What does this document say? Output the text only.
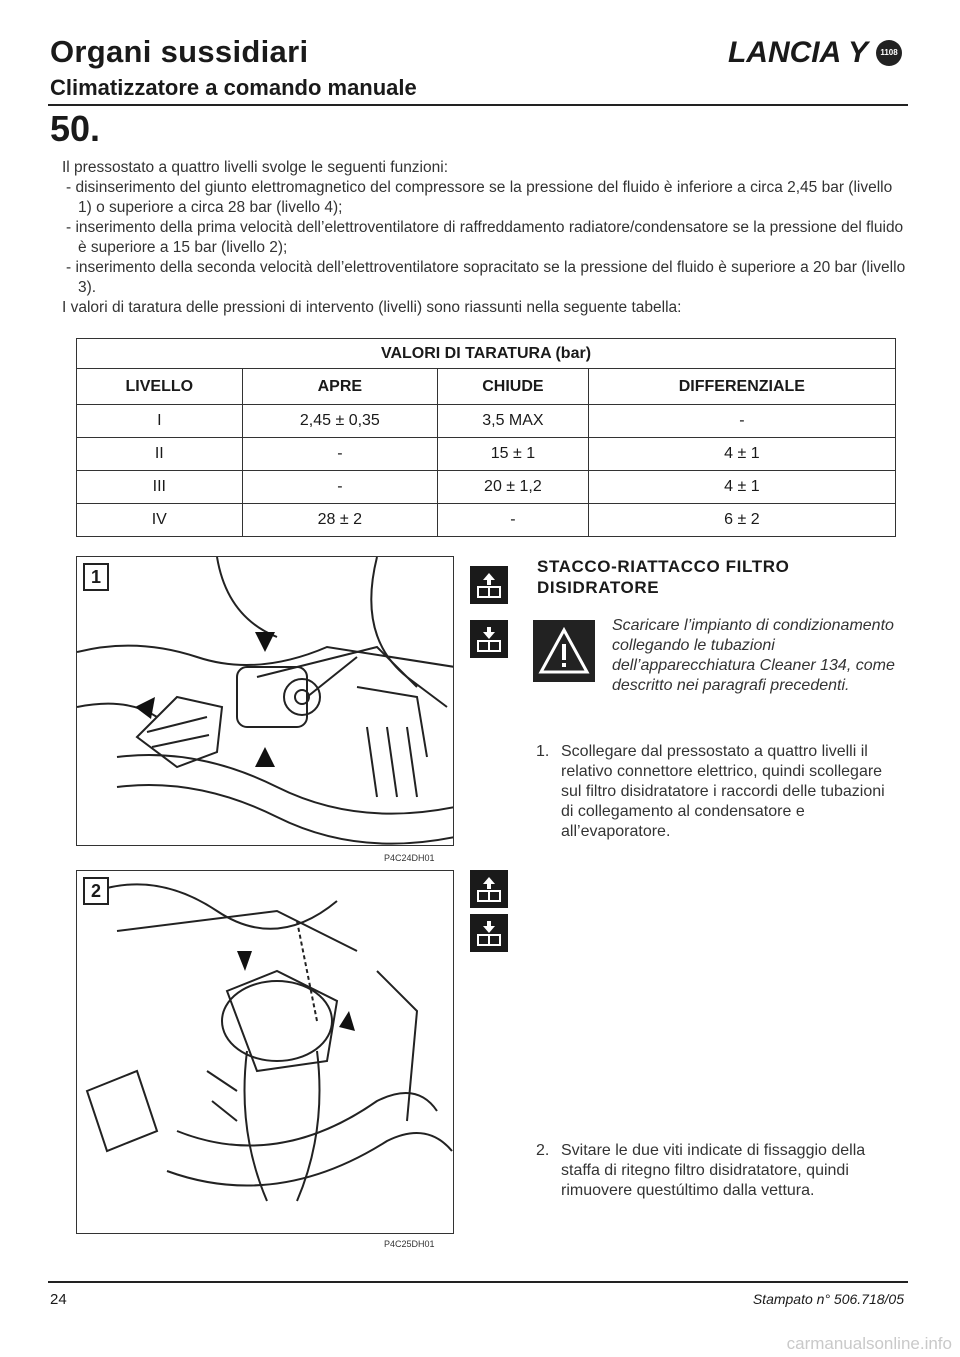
Organi sussidiari
Climatizzatore a comando manuale
LANCIA Y	1108
50.

Il pressostato a quattro livelli svolge le seguenti funzioni:

- disinserimento del giunto elettromagnetico del compressore se la pressione del fluido è inferiore a circa 2,45 bar (livello 1) o superiore a circa 28 bar (livello 4);
- inserimento della prima velocità dell’elettroventilatore di raffreddamento radiatore/condensatore se la pressione del fluido è superiore a 15 bar (livello 2);
- inserimento della seconda velocità dell’elettroventilatore sopracitato se la pressione del fluido è superiore a 20 bar (livello 3).

I valori di taratura delle pressioni di intervento (livelli) sono riassunti nella seguente tabella:

VALORI DI TARATURA (bar)			
LIVELLO	APRE	CHIUDE	DIFFERENZIALE
I	2,45 ± 0,35	3,5 MAX	-
II	-	15 ± 1	4 ± 1
III	-	20 ± 1,2	4 ± 1
IV	28 ± 2	-	6 ± 2
1
P4C24DH01
2
P4C25DH01
STACCO-RIATTACCO FILTRO DISIDRATORE
Scaricare l’impianto di condizionamento collegando le tubazioni dell’apparecchiatura Cleaner 134, come descritto nei paragrafi precedenti.
1. Scollegare dal pressostato a quattro livelli il relativo connettore elettrico, quindi scollegare sul filtro disidratatore i raccordi delle tubazioni di collegamento al condensatore e all’evaporatore.
2. Svitare le due viti indicate di fissaggio della staffa di ritegno filtro disidratatore, quindi rimuovere questúltimo dalla vettura.
24	Stampato n° 506.718/05
carmanualsonline.info
